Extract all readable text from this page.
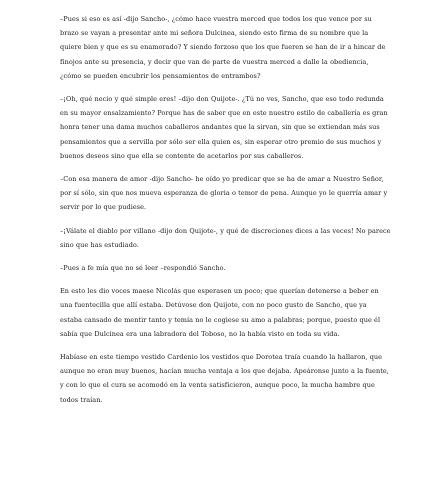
–Pues si eso es así -dijo Sancho-, ¿cómo hace vuestra merced que todos los que vence por su brazo se vayan a presentar ante mi señora Dulcinea, siendo esto firma de su nombre que la quiere bien y que es su enamorado? Y siendo forzoso que los que fueren se han de ir a hincar de finojos ante su presencia, y decir que van de parte de vuestra merced a dalle la obediencia, ¿cómo se pueden encubrir los pensamientos de entrambos?

–¡Oh, qué necio y qué simple eres! –dijo don Quijote-. ¿Tú no ves, Sancho, que eso todo redunda en su mayor ensalzamiento? Porque has de saber que en este nuestro estilo de caballería es gran honra tener una dama muchos caballeros andantes que la sirvan, sin que se extiendan más sus pensamientos que a servilla por sólo ser ella quien es, sin esperar otro premio de sus muchos y buenos deseos sino que ella se contente de acetarlos por sus caballeros.

–Con esa manera de amor -dijo Sancho- he oído yo predicar que se ha de amar a Nuestro Señor, por sí sólo, sin que nos mueva esperanza de gloria o temor de pena. Aunque yo le querría amar y servir por lo que pudiese.

–¡Válate el diablo por villano -dijo don Quijote-, y qué de discreciones dices a las veces! No parece sino que has estudiado.

–Pues a fe mía que no sé leer –respondió Sancho.

En esto les dio voces maese Nicolás que esperasen un poco; que querían detenerse a beber en una fuentecilla que allí estaba. Detúvose don Quijote, con no poco gusto de Sancho, que ya estaba cansado de mentir tanto y temía no le cogiese su amo a palabras; porque, puesto que él sabía que Dulcinea era una labradora del Toboso, no la había visto en toda su vida.

Habíase en este tiempo vestido Cardenio los vestidos que Dorotea traía cuando la hallaron, que aunque no eran muy buenos, hacían mucha ventaja a los que dejaba. Apeáronse junto a la fuente, y con lo que el cura se acomodó en la venta satisficieron, aunque poco, la mucha hambre que todos traían.
